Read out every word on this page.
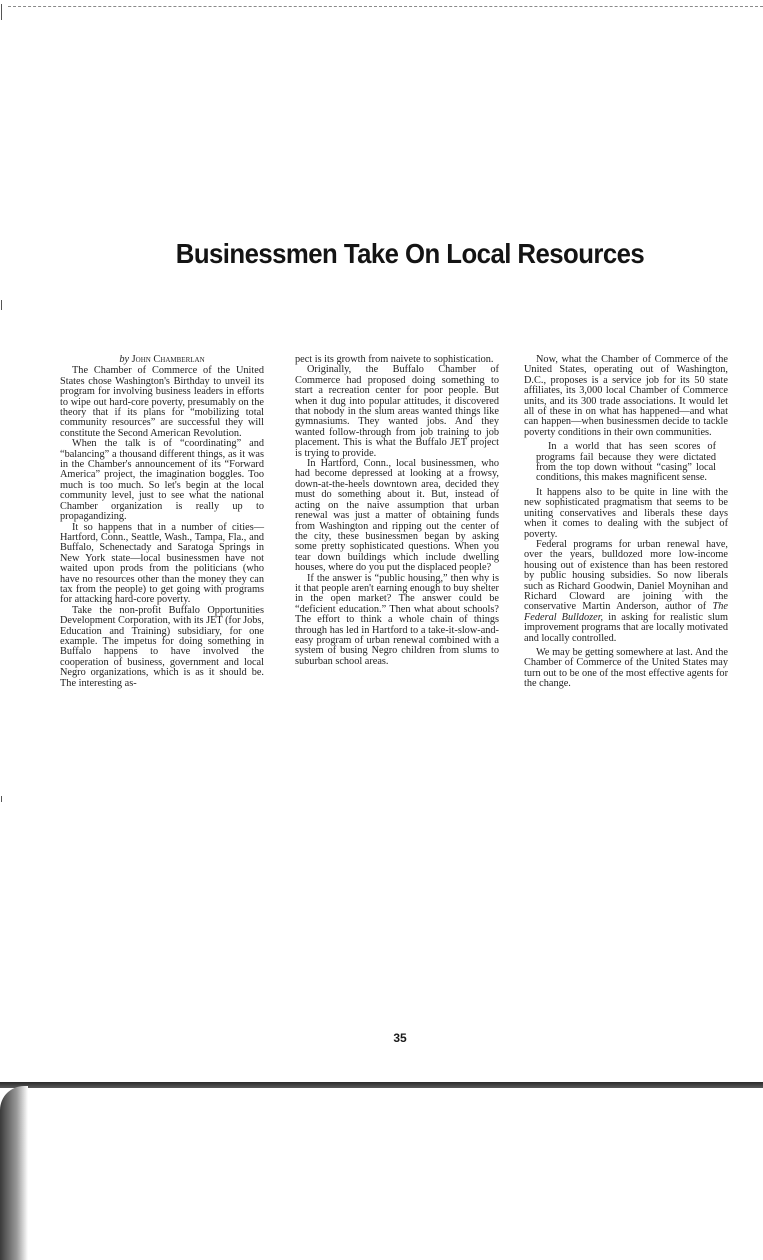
Businessmen Take On Local Resources

by John Chamberlan

The Chamber of Commerce of the United States chose Washington's Birthday to unveil its program for involving business leaders in efforts to wipe out hard-core poverty, presumably on the theory that if its plans for “mobilizing total community resources” are successful they will constitute the Second American Revolution.

When the talk is of “coordinating” and “balancing” a thousand different things, as it was in the Chamber's announcement of its “Forward America” project, the imagination boggles. Too much is too much. So let's begin at the local community level, just to see what the national Chamber organization is really up to propagandizing.

It so happens that in a number of cities—Hartford, Conn., Seattle, Wash., Tampa, Fla., and Buffalo, Schenectady and Saratoga Springs in New York state—local businessmen have not waited upon prods from the politicians (who have no resources other than the money they can tax from the people) to get going with programs for attacking hard-core poverty.

Take the non-profit Buffalo Opportunities Development Corporation, with its JET (for Jobs, Education and Training) subsidiary, for one example. The impetus for doing something in Buffalo happens to have involved the cooperation of business, government and local Negro organizations, which is as it should be. The interesting as-

pect is its growth from naivete to sophistication.

Originally, the Buffalo Chamber of Commerce had proposed doing something to start a recreation center for poor people. But when it dug into popular attitudes, it discovered that nobody in the slum areas wanted things like gymnasiums. They wanted jobs. And they wanted follow-through from job training to job placement. This is what the Buffalo JET project is trying to provide.

In Hartford, Conn., local businessmen, who had become depressed at looking at a frowsy, down-at-the-heels downtown area, decided they must do something about it. But, instead of acting on the naive assumption that urban renewal was just a matter of obtaining funds from Washington and ripping out the center of the city, these businessmen began by asking some pretty sophisticated questions. When you tear down buildings which include dwelling houses, where do you put the displaced people?

If the answer is “public housing,” then why is it that people aren't earning enough to buy shelter in the open market? The answer could be “deficient education.” Then what about schools? The effort to think a whole chain of things through has led in Hartford to a take-it-slow-and-easy program of urban renewal combined with a system of busing Negro children from slums to suburban school areas.

Now, what the Chamber of Commerce of the United States, operating out of Washington, D.C., proposes is a service job for its 50 state affiliates, its 3,000 local Chamber of Commerce units, and its 300 trade associations. It would let all of these in on what has happened—and what can happen—when businessmen decide to tackle poverty conditions in their own communities.

In a world that has seen scores of programs fail because they were dictated from the top down without “casing” local conditions, this makes magnificent sense.

It happens also to be quite in line with the new sophisticated pragmatism that seems to be uniting conservatives and liberals these days when it comes to dealing with the subject of poverty.

Federal programs for urban renewal have, over the years, bulldozed more low-income housing out of existence than has been restored by public housing subsidies. So now liberals such as Richard Goodwin, Daniel Moynihan and Richard Cloward are joining with the conservative Martin Anderson, author of The Federal Bulldozer, in asking for realistic slum improvement programs that are locally motivated and locally controlled.

We may be getting somewhere at last. And the Chamber of Commerce of the United States may turn out to be one of the most effective agents for the change.

35
